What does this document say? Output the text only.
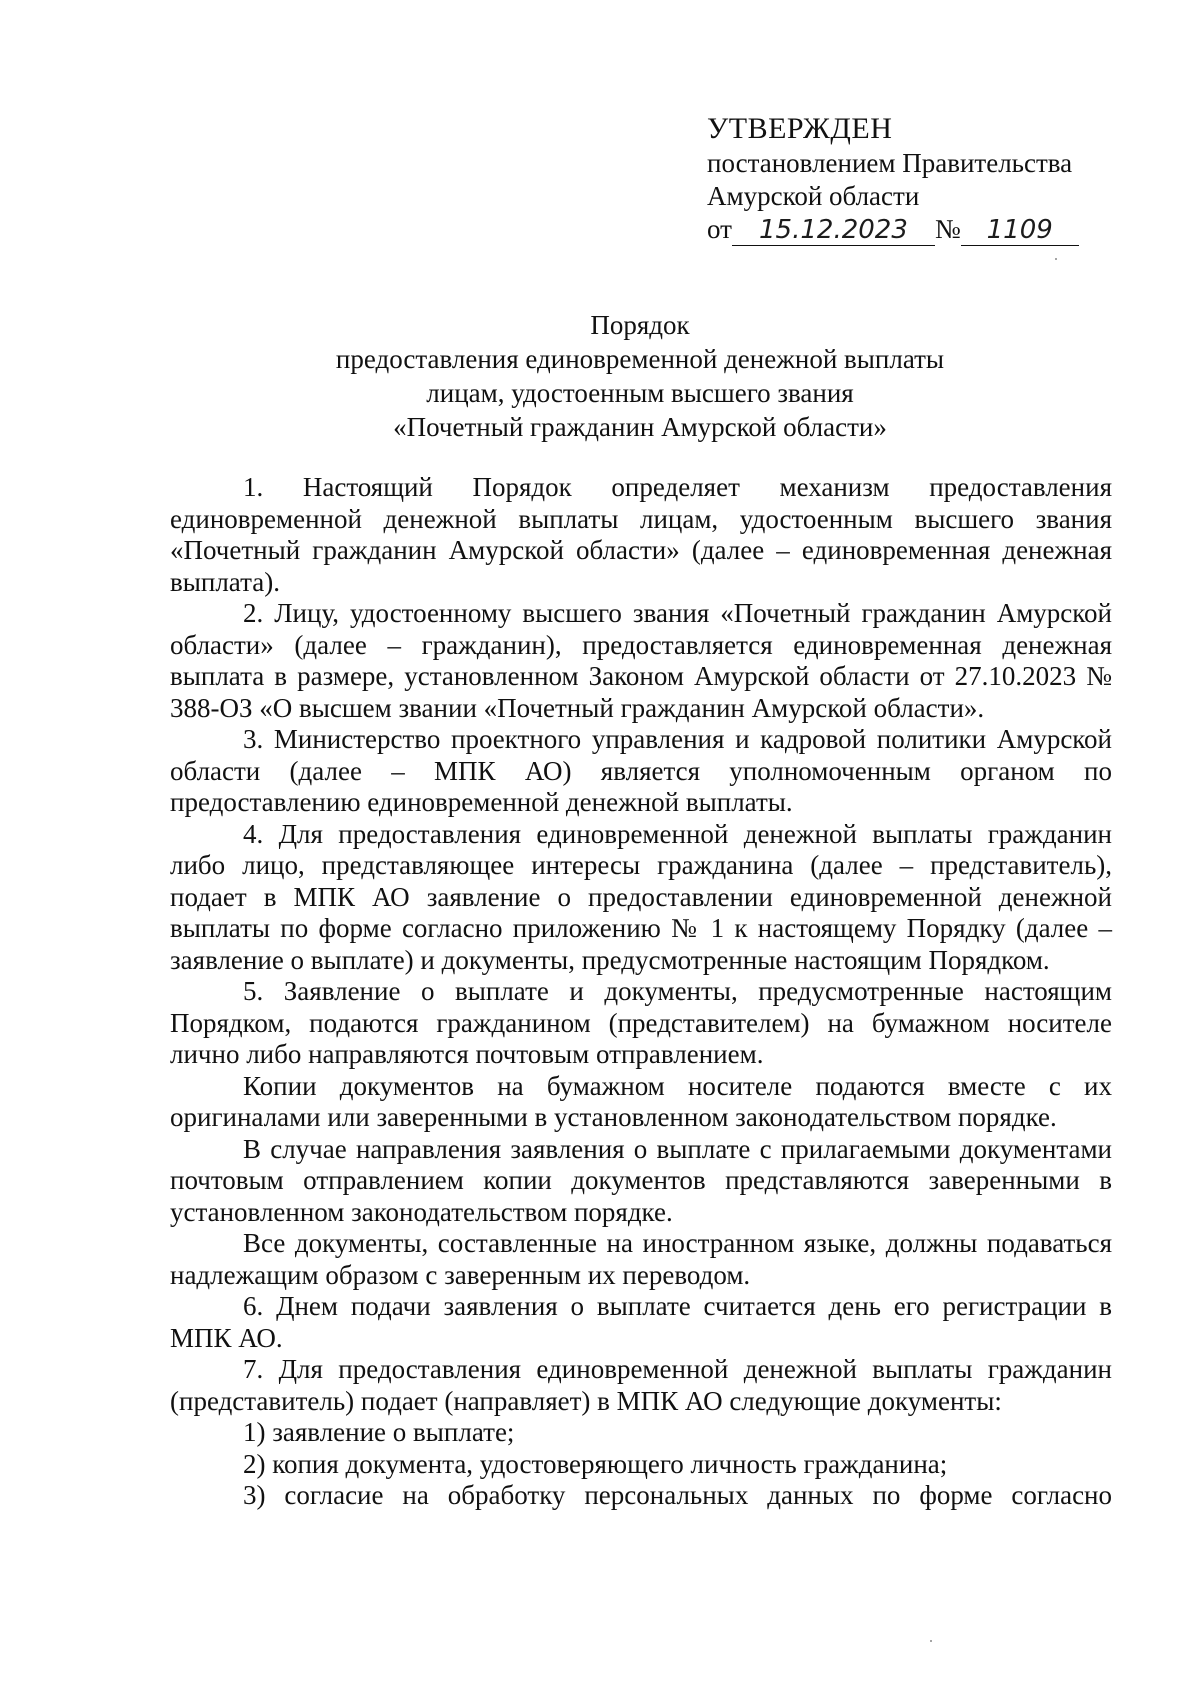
УТВЕРЖДЕН
постановлением Правительства
Амурской области
от	15.12.2023	№ 1109
Порядок
предоставления единовременной денежной выплаты
лицам, удостоенным высшего звания
«Почетный гражданин Амурской области»

1. Настоящий Порядок определяет механизм предоставления единовременной денежной выплаты лицам, удостоенным высшего звания «Почетный гражданин Амурской области» (далее – единовременная денежная выплата).

2. Лицу, удостоенному высшего звания «Почетный гражданин Амурской области» (далее – гражданин), предоставляется единовременная денежная выплата в размере, установленном Законом Амурской области от 27.10.2023 № 388-ОЗ «О высшем звании «Почетный гражданин Амурской области».

3. Министерство проектного управления и кадровой политики Амурской области (далее – МПК АО) является уполномоченным органом по предоставлению единовременной денежной выплаты.

4. Для предоставления единовременной денежной выплаты гражданин либо лицо, представляющее интересы гражданина (далее – представитель), подает в МПК АО заявление о предоставлении единовременной денежной выплаты по форме согласно приложению № 1 к настоящему Порядку (далее – заявление о выплате) и документы, предусмотренные настоящим Порядком.

5. Заявление о выплате и документы, предусмотренные настоящим Порядком, подаются гражданином (представителем) на бумажном носителе лично либо направляются почтовым отправлением.

Копии документов на бумажном носителе подаются вместе с их оригиналами или заверенными в установленном законодательством порядке.

В случае направления заявления о выплате с прилагаемыми документами почтовым отправлением копии документов представляются заверенными в установленном законодательством порядке.

Все документы, составленные на иностранном языке, должны подаваться надлежащим образом с заверенным их переводом.

6. Днем подачи заявления о выплате считается день его регистрации в МПК АО.

7. Для предоставления единовременной денежной выплаты гражданин (представитель) подает (направляет) в МПК АО следующие документы:

1) заявление о выплате;

2) копия документа, удостоверяющего личность гражданина;

3) согласие на обработку персональных данных по форме согласно
